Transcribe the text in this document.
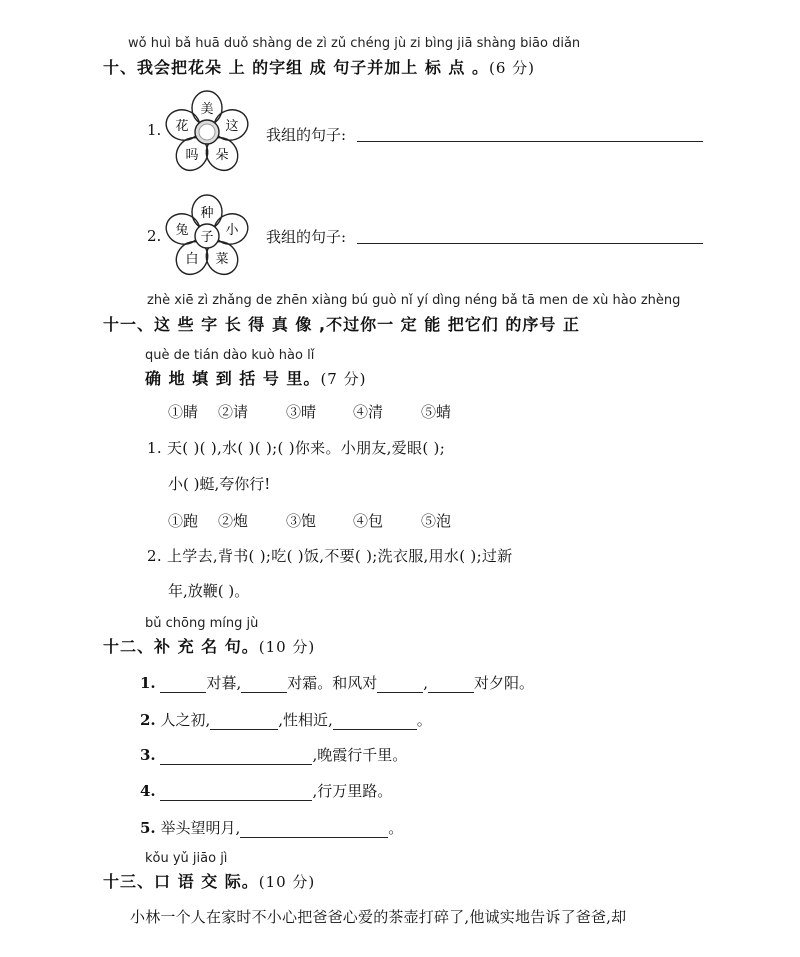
wǒ huì bǎ huā duǒ shàng de zì zǔ chéng jù zi bìng jiā shàng biāo diǎn
十、我会把花朵 上 的字组 成 句子并加上 标 点 。(6 分)
1.
美
这
朵
吗
花	我组的句子:
2.	子
种
小
菜
白
兔	我组的句子:
zhè xiē zì zhǎng de zhēn xiàng bú guò nǐ yí dìng néng bǎ tā men de xù hào zhèng
十一、这 些 字 长 得 真 像 ,不过你一 定 能 把它们 的序号 正
què de tián dào kuò hào lǐ
确 地 填 到 括 号 里。(7 分)
①睛 ②请	③晴 ④清	⑤蜻
1. 天( )( ),水( )( );( )你来。小朋友,爱眼( );
小( )蜓,夸你行!
①跑 ②炮	③饱 ④包	⑤泡
2. 上学去,背书( );吃( )饭,不要( );洗衣服,用水( );过新
年,放鞭( )。
bǔ chōng míng jù
十二、补 充 名 句。(10 分)
1.	对暮,	对霜。和风对	,	对夕阳。
2. 人之初,	,性相近,	。
3.	,晚霞行千里。
4.	,行万里路。
5. 举头望明月,	。
kǒu yǔ jiāo jì
十三、口 语 交 际。(10 分)
小林一个人在家时不小心把爸爸心爱的茶壶打碎了,他诚实地告诉了爸爸,却
